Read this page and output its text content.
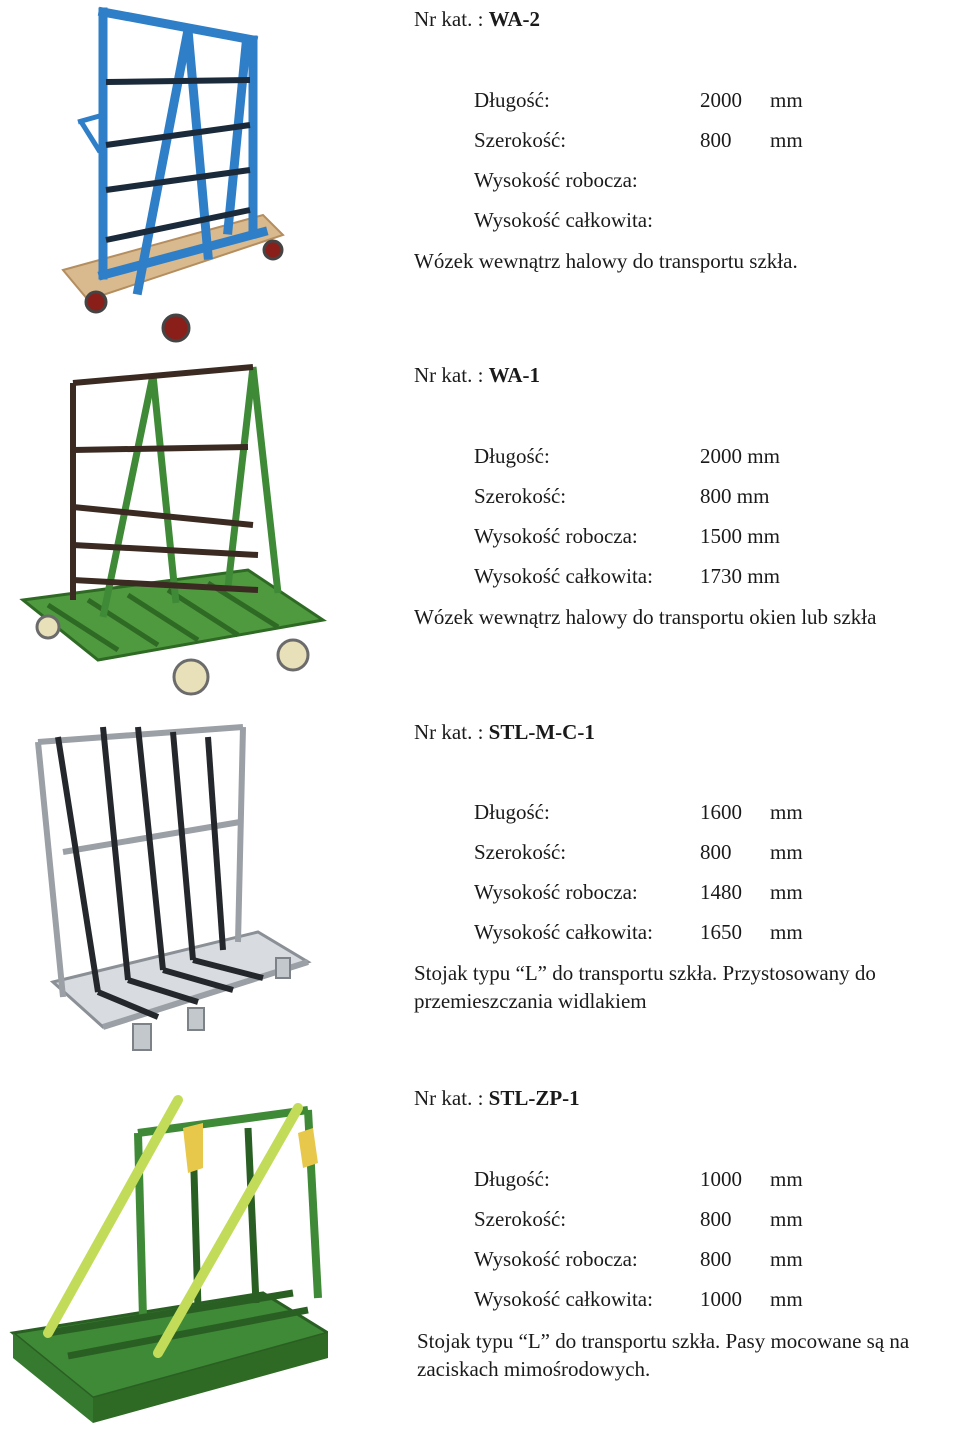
Nr kat. : WA-2
Długość:	2000 mm
Szerokość:	800 mm
Wysokość robocza:
Wysokość całkowita:
Wózek wewnątrz halowy do transportu szkła.
Nr kat. : WA-1
Długość:	2000 mm
Szerokość:	800 mm
Wysokość robocza:	1500 mm
Wysokość całkowita: 1730 mm
Wózek wewnątrz halowy do transportu okien lub szkła
Nr kat. : STL-M-C-1
Długość:	1600 mm
Szerokość:	800 mm
Wysokość robocza:	1480 mm
Wysokość całkowita: 1650 mm
Stojak typu “L” do transportu szkła. Przystosowany do przemieszczania widlakiem
Nr kat. : STL-ZP-1
Długość:	1000 mm
Szerokość:	800 mm
Wysokość robocza:	800 mm
Wysokość całkowita: 1000 mm
Stojak typu “L” do transportu szkła. Pasy mocowane są na zaciskach mimośrodowych.
